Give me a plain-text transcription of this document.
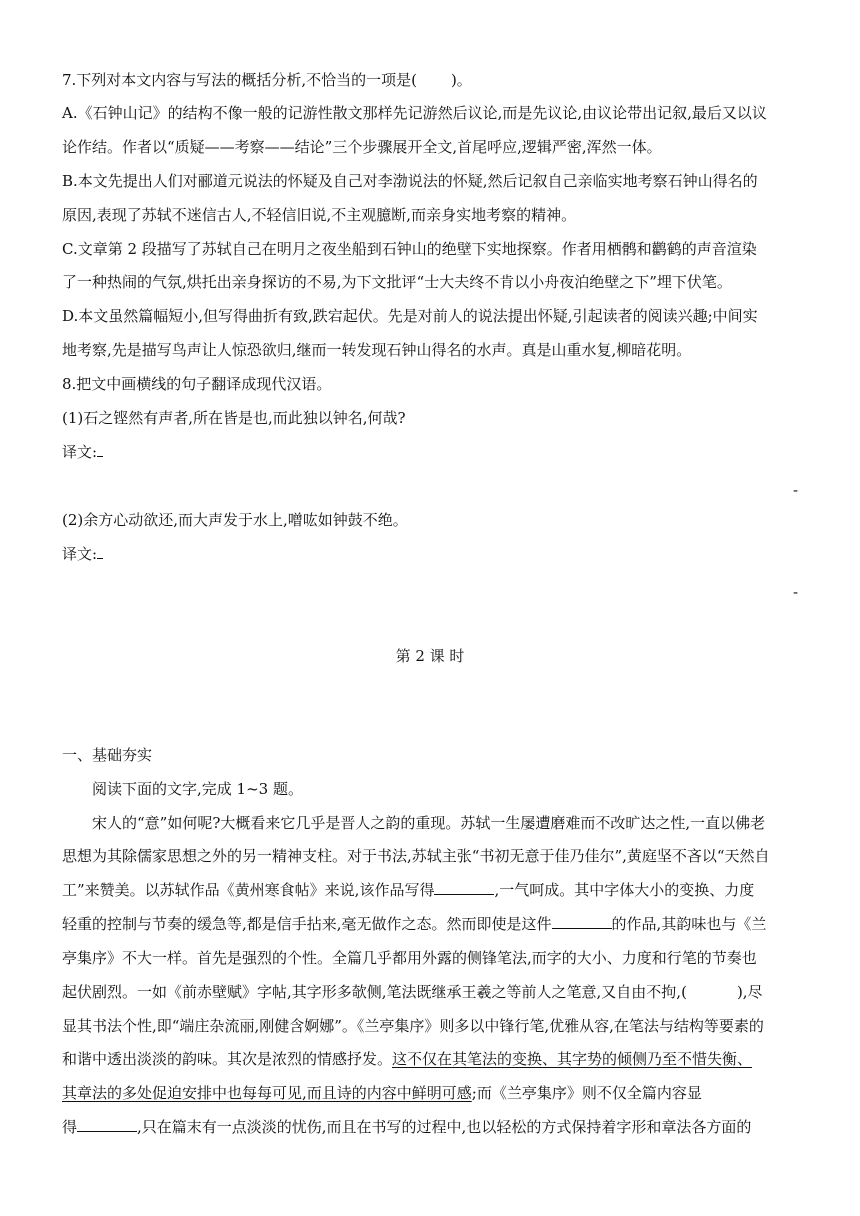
7.下列对本文内容与写法的概括分析,不恰当的一项是( )。
A.《石钟山记》的结构不像一般的记游性散文那样先记游然后议论,而是先议论,由议论带出记叙,最后又以议
论作结。作者以“质疑——考察——结论”三个步骤展开全文,首尾呼应,逻辑严密,浑然一体。
B.本文先提出人们对郦道元说法的怀疑及自己对李渤说法的怀疑,然后记叙自己亲临实地考察石钟山得名的
原因,表现了苏轼不迷信古人,不轻信旧说,不主观臆断,而亲身实地考察的精神。
C.文章第 2 段描写了苏轼自己在明月之夜坐船到石钟山的绝壁下实地探察。作者用栖鹘和鹳鹤的声音渲染
了一种热闹的气氛,烘托出亲身探访的不易,为下文批评“士大夫终不肯以小舟夜泊绝壁之下”埋下伏笔。
D.本文虽然篇幅短小,但写得曲折有致,跌宕起伏。先是对前人的说法提出怀疑,引起读者的阅读兴趣;中间实
地考察,先是描写鸟声让人惊恐欲归,继而一转发现石钟山得名的水声。真是山重水复,柳暗花明。
8.把文中画横线的句子翻译成现代汉语。
(1)石之铿然有声者,所在皆是也,而此独以钟名,何哉?
译文:
-
(2)余方心动欲还,而大声发于水上,噌吰如钟鼓不绝。
译文:
-
第 2 课 时
一、基础夯实
阅读下面的文字,完成 1~3 题。
宋人的“意”如何呢?大概看来它几乎是晋人之韵的重现。苏轼一生屡遭磨难而不改旷达之性,一直以佛老
思想为其除儒家思想之外的另一精神支柱。对于书法,苏轼主张“书初无意于佳乃佳尔”,黄庭坚不吝以“天然自
工”来赞美。以苏轼作品《黄州寒食帖》来说,该作品写得	,一气呵成。其中字体大小的变换、力度
轻重的控制与节奏的缓急等,都是信手拈来,毫无做作之态。然而即使是这件	的作品,其韵味也与《兰
亭集序》不大一样。首先是强烈的个性。全篇几乎都用外露的侧锋笔法,而字的大小、力度和行笔的节奏也
起伏剧烈。一如《前赤壁赋》字帖,其字形多欹侧,笔法既继承王羲之等前人之笔意,又自由不拘,(	),尽
显其书法个性,即“端庄杂流丽,刚健含婀娜”。《兰亭集序》则多以中锋行笔,优雅从容,在笔法与结构等要素的
和谐中透出淡淡的韵味。其次是浓烈的情感抒发。这不仅在其笔法的变换、其字势的倾侧乃至不惜失衡、
其章法的多处促迫安排中也每每可见,而且诗的内容中鲜明可感;而《兰亭集序》则不仅全篇内容显
得	,只在篇末有一点淡淡的忧伤,而且在书写的过程中,也以轻松的方式保持着字形和章法各方面的
